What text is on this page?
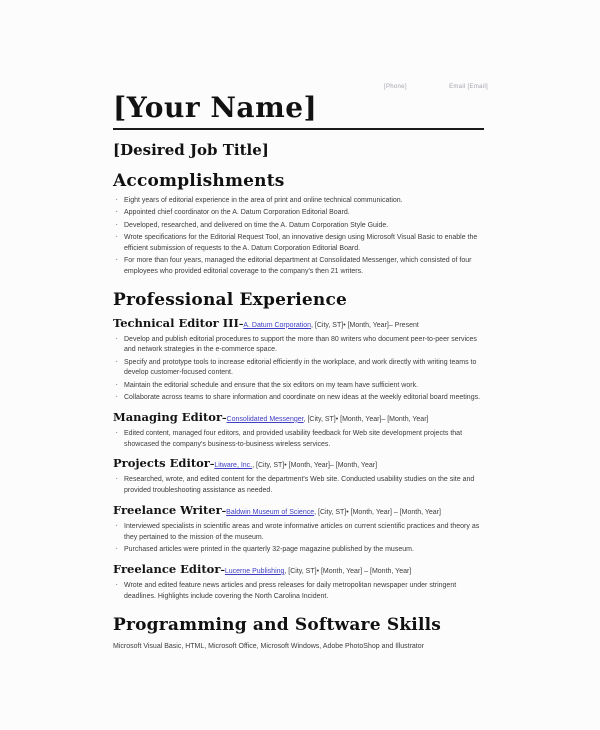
[Phone]	Email [Email]
[Your Name]
[Desired Job Title]
Accomplishments
· Eight years of editorial experience in the area of print and online technical communication.
· Appointed chief coordinator on the A. Datum Corporation Editorial Board.
· Developed, researched, and delivered on time the A. Datum Corporation Style Guide.
· Wrote specifications for the Editorial Request Tool, an innovative design using Microsoft Visual Basic to enable the efficient submission of requests to the A. Datum Corporation Editorial Board.
· For more than four years, managed the editorial department at Consolidated Messenger, which consisted of four employees who provided editorial coverage to the company's then 21 writers.
Professional Experience
Technical Editor III–A. Datum Corporation, [City, ST]• [Month, Year]– Present
· Develop and publish editorial procedures to support the more than 80 writers who document peer-to-peer services and network strategies in the e-commerce space.
· Specify and prototype tools to increase editorial efficiently in the workplace, and work directly with writing teams to develop customer-focused content.
· Maintain the editorial schedule and ensure that the six editors on my team have sufficient work.
· Collaborate across teams to share information and coordinate on new ideas at the weekly editorial board meetings.
Managing Editor–Consolidated Messenger, [City, ST]• [Month, Year]– [Month, Year]
· Edited content, managed four editors, and provided usability feedback for Web site development projects that showcased the company's business-to-business wireless services.
Projects Editor–Litware, Inc., [City, ST]• [Month, Year]– [Month, Year]
· Researched, wrote, and edited content for the department's Web site. Conducted usability studies on the site and provided troubleshooting assistance as needed.
Freelance Writer–Baldwin Museum of Science, [City, ST]• [Month, Year] – [Month, Year]
· Interviewed specialists in scientific areas and wrote informative articles on current scientific practices and theory as they pertained to the mission of the museum.
· Purchased articles were printed in the quarterly 32-page magazine published by the museum.
Freelance Editor–Lucerne Publishing, [City, ST]• [Month, Year] – [Month, Year]
· Wrote and edited feature news articles and press releases for daily metropolitan newspaper under stringent deadlines. Highlights include covering the North Carolina Incident.
Programming and Software Skills

Microsoft Visual Basic, HTML, Microsoft Office, Microsoft Windows, Adobe PhotoShop and Illustrator
